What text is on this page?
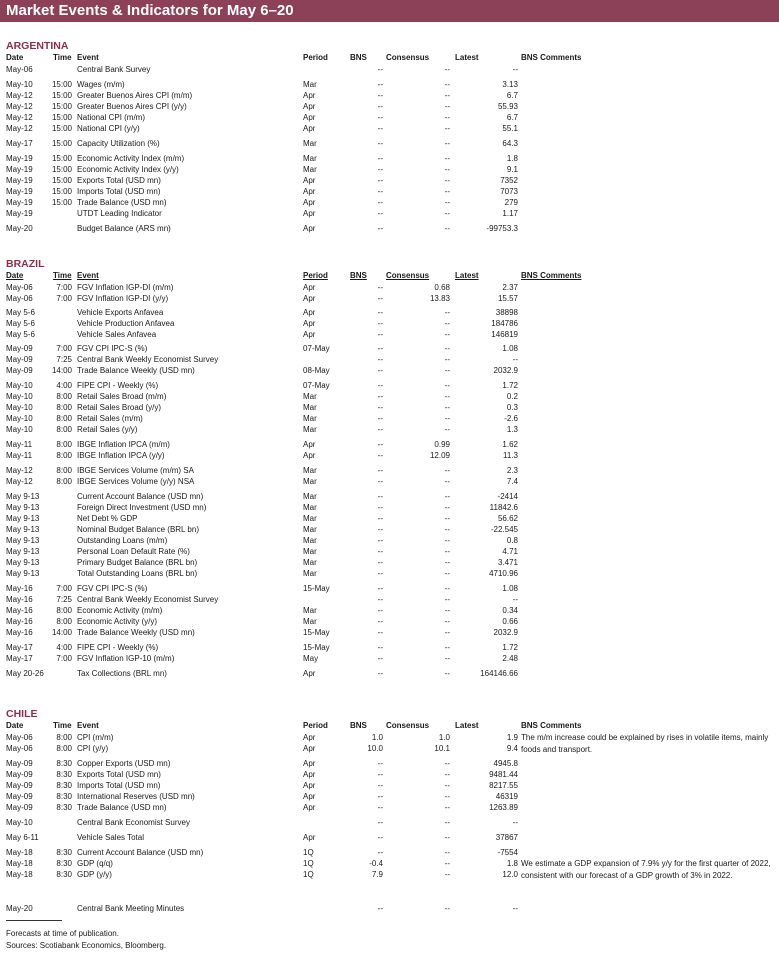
Market Events & Indicators for May 6–20
ARGENTINA
Date	Time Event	Period	BNS Consensus	Latest	BNS Comments
May-06	Central Bank Survey	--	--	--
May-10 15:00 Wages (m/m)	Mar	--	--	3.13
May-12 15:00 Greater Buenos Aires CPI (m/m)	Apr	--	--	6.7
May-12 15:00 Greater Buenos Aires CPI (y/y)	Apr	--	--	55.93
May-12 15:00 National CPI (m/m)	Apr	--	--	6.7
May-12 15:00 National CPI (y/y)	Apr	--	--	55.1
May-17 15:00 Capacity Utilization (%)	Mar	--	--	64.3
May-19 15:00 Economic Activity Index (m/m)	Mar	--	--	1.8
May-19 15:00 Economic Activity Index (y/y)	Mar	--	--	9.1
May-19 15:00 Exports Total (USD mn)	Apr	--	--	7352
May-19 15:00 Imports Total (USD mn)	Apr	--	--	7073
May-19 15:00 Trade Balance (USD mn)	Apr	--	--	279
May-19	UTDT Leading Indicator	Apr	--	--	1.17
May-20	Budget Balance (ARS mn)	Apr	--	--	-99753.3
BRAZIL
Date	Time Event	Period	BNS Consensus	Latest	BNS Comments
May-06	7:00 FGV Inflation IGP-DI (m/m)	Apr	--	0.68	2.37
May-06	7:00 FGV Inflation IGP-DI (y/y)	Apr	--	13.83	15.57
May 5-6	Vehicle Exports Anfavea	Apr	--	--	38898
May 5-6	Vehicle Production Anfavea	Apr	--	--	184786
May 5-6	Vehicle Sales Anfavea	Apr	--	--	146819
May-09	7:00 FGV CPI IPC-S (%)	07-May	--	--	1.08
May-09	7:25 Central Bank Weekly Economist Survey	--	--	--
May-09 14:00 Trade Balance Weekly (USD mn)	08-May	--	--	2032.9
May-10	4:00 FIPE CPI - Weekly (%)	07-May	--	--	1.72
May-10	8:00 Retail Sales Broad (m/m)	Mar	--	--	0.2
May-10	8:00 Retail Sales Broad (y/y)	Mar	--	--	0.3
May-10	8:00 Retail Sales (m/m)	Mar	--	--	-2.6
May-10	8:00 Retail Sales (y/y)	Mar	--	--	1.3
May-11	8:00 IBGE Inflation IPCA (m/m)	Apr	--	0.99	1.62
May-11	8:00 IBGE Inflation IPCA (y/y)	Apr	--	12.09	11.3
May-12	8:00 IBGE Services Volume (m/m) SA	Mar	--	--	2.3
May-12	8:00 IBGE Services Volume (y/y) NSA	Mar	--	--	7.4
May 9-13	Current Account Balance (USD mn)	Mar	--	--	-2414
May 9-13	Foreign Direct Investment (USD mn)	Mar	--	--	11842.6
May 9-13	Net Debt % GDP	Mar	--	--	56.62
May 9-13	Nominal Budget Balance (BRL bn)	Mar	--	--	-22.545
May 9-13	Outstanding Loans (m/m)	Mar	--	--	0.8
May 9-13	Personal Loan Default Rate (%)	Mar	--	--	4.71
May 9-13	Primary Budget Balance (BRL bn)	Mar	--	--	3.471
May 9-13	Total Outstanding Loans (BRL bn)	Mar	--	--	4710.96
May-16	7:00 FGV CPI IPC-S (%)	15-May	--	--	1.08
May-16	7:25 Central Bank Weekly Economist Survey	--	--	--
May-16	8:00 Economic Activity (m/m)	Mar	--	--	0.34
May-16	8:00 Economic Activity (y/y)	Mar	--	--	0.66
May-16 14:00 Trade Balance Weekly (USD mn)	15-May	--	--	2032.9
May-17	4:00 FIPE CPI - Weekly (%)	15-May	--	--	1.72
May-17	7:00 FGV Inflation IGP-10 (m/m)	May	--	--	2.48
May 20-26	Tax Collections (BRL mn)	Apr	--	--	164146.66
CHILE
Date	Time Event	Period	BNS Consensus	Latest	BNS Comments
May-06	8:00 CPI (m/m)	Apr	1.0	1.0	1.9 The m/m increase could be explained by rises in volatile items, mainly foods and transport.
May-06	8:00 CPI (y/y)	Apr	10.0	10.1	9.4
May-09	8:30 Copper Exports (USD mn)	Apr	--	--	4945.8
May-09	8:30 Exports Total (USD mn)	Apr	--	--	9481.44
May-09	8:30 Imports Total (USD mn)	Apr	--	--	8217.55
May-09	8:30 International Reserves (USD mn)	Apr	--	--	46319
May-09	8:30 Trade Balance (USD mn)	Apr	--	--	1263.89
May-10	Central Bank Economist Survey	--	--	--
May 6-11	Vehicle Sales Total	Apr	--	--	37867
May-18	8:30 Current Account Balance (USD mn)	1Q	--	--	-7554
May-18	8:30 GDP (q/q)	1Q	-0.4	--	1.8 We estimate a GDP expansion of 7.9% y/y for the first quarter of 2022, consistent with our forecast of a GDP growth of 3% in 2022.
May-18	8:30 GDP (y/y)	1Q	7.9	--	12.0
May-20	Central Bank Meeting Minutes	--	--	--
Forecasts at time of publication.
Sources: Scotiabank Economics, Bloomberg.
